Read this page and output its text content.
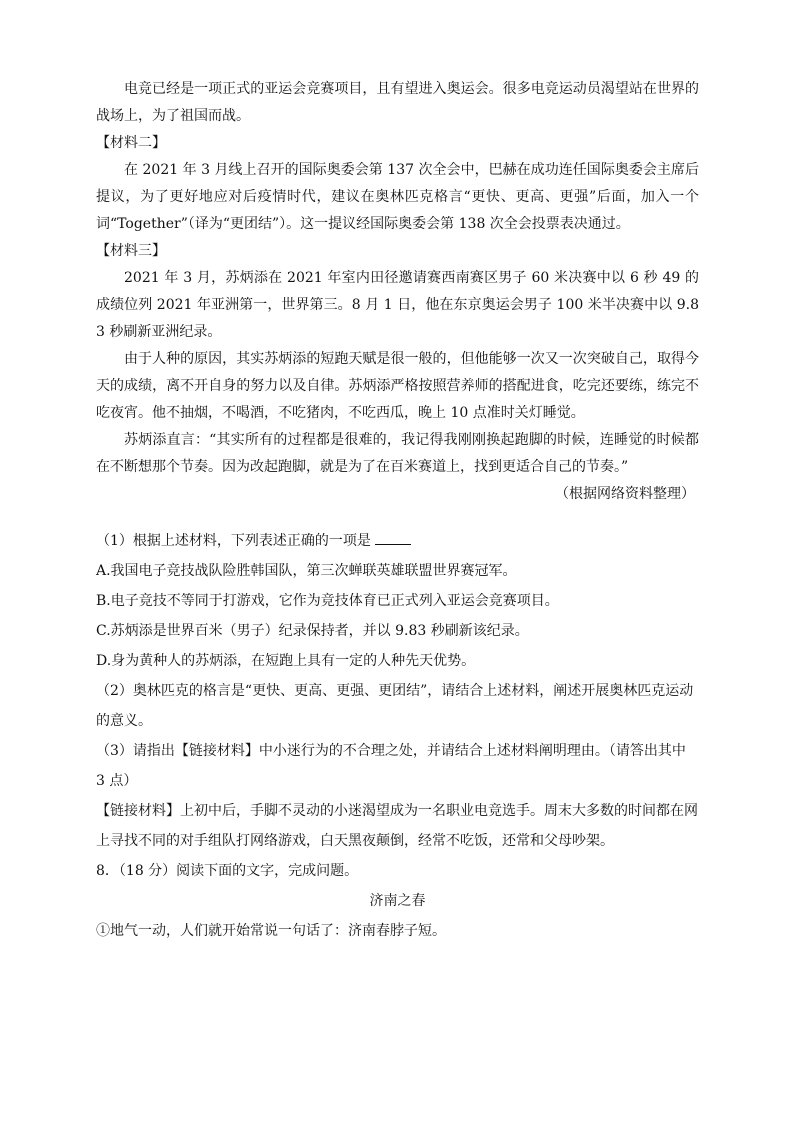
电竞已经是一项正式的亚运会竞赛项目，且有望进入奥运会。很多电竞运动员渴望站在世界的战场上，为了祖国而战。

【材料二】

在 2021 年 3 月线上召开的国际奥委会第 137 次全会中，巴赫在成功连任国际奥委会主席后提议，为了更好地应对后疫情时代，建议在奥林匹克格言“更快、更高、更强”后面，加入一个词“Together”（译为“更团结”）。这一提议经国际奥委会第 138 次全会投票表决通过。

【材料三】

2021 年 3 月，苏炳添在 2021 年室内田径邀请赛西南赛区男子 60 米决赛中以 6 秒 49 的成绩位列 2021 年亚洲第一，世界第三。8 月 1 日，他在东京奥运会男子 100 米半决赛中以 9.83 秒刷新亚洲纪录。

由于人种的原因，其实苏炳添的短跑天赋是很一般的，但他能够一次又一次突破自己，取得今天的成绩，离不开自身的努力以及自律。苏炳添严格按照营养师的搭配进食，吃完还要练，练完不吃夜宵。他不抽烟，不喝酒，不吃猪肉，不吃西瓜，晚上 10 点准时关灯睡觉。

苏炳添直言：“其实所有的过程都是很难的，我记得我刚刚换起跑脚的时候，连睡觉的时候都在不断想那个节奏。因为改起跑脚，就是为了在百米赛道上，找到更适合自己的节奏。”

（根据网络资料整理）

（1）根据上述材料，下列表述正确的一项是

A.我国电子竞技战队险胜韩国队，第三次蝉联英雄联盟世界赛冠军。

B.电子竞技不等同于打游戏，它作为竞技体育已正式列入亚运会竞赛项目。

C.苏炳添是世界百米（男子）纪录保持者，并以 9.83 秒刷新该纪录。

D.身为黄种人的苏炳添，在短跑上具有一定的人种先天优势。

（2）奥林匹克的格言是“更快、更高、更强、更团结”，请结合上述材料，阐述开展奥林匹克运动的意义。

（3）请指出【链接材料】中小迷行为的不合理之处，并请结合上述材料阐明理由。（请答出其中 3 点）

【链接材料】上初中后，手脚不灵动的小迷渴望成为一名职业电竞选手。周末大多数的时间都在网上寻找不同的对手组队打网络游戏，白天黑夜颠倒，经常不吃饭，还常和父母吵架。

8．（18 分）阅读下面的文字，完成问题。

济南之春

①地气一动，人们就开始常说一句话了：济南春脖子短。
